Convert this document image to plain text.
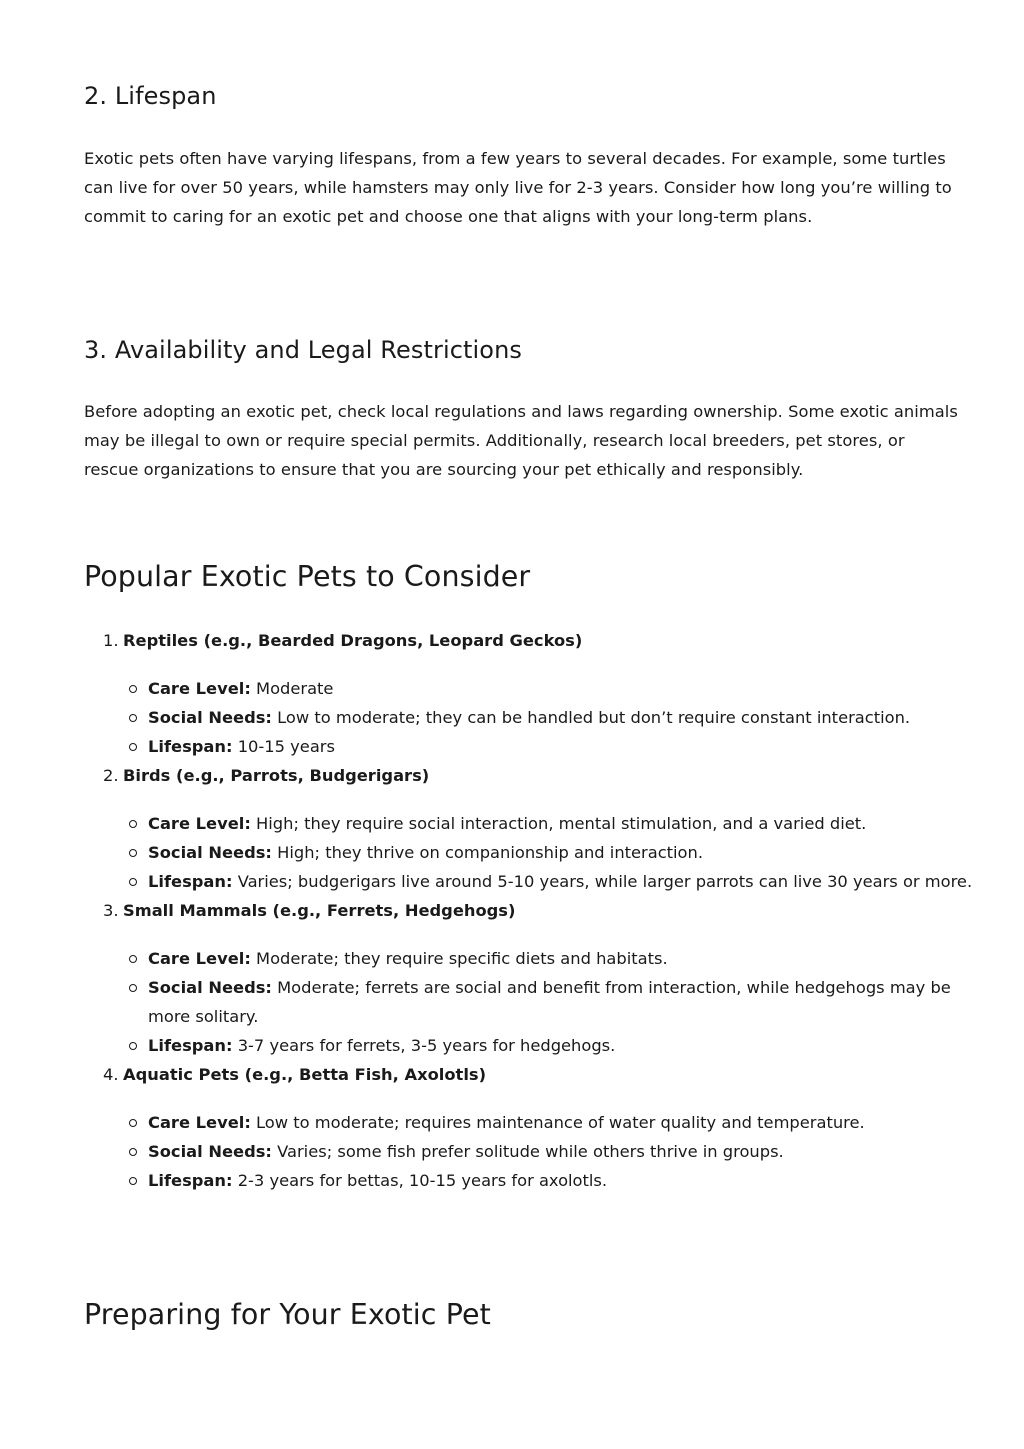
2. Lifespan

Exotic pets often have varying lifespans, from a few years to several decades. For example, some turtles can live for over 50 years, while hamsters may only live for 2-3 years. Consider how long you’re willing to commit to caring for an exotic pet and choose one that aligns with your long-term plans.

3. Availability and Legal Restrictions

Before adopting an exotic pet, check local regulations and laws regarding ownership. Some exotic animals may be illegal to own or require special permits. Additionally, research local breeders, pet stores, or rescue organizations to ensure that you are sourcing your pet ethically and responsibly.

Popular Exotic Pets to Consider
1. Reptiles (e.g., Bearded Dragons, Leopard Geckos)
Care Level: Moderate
Social Needs: Low to moderate; they can be handled but don’t require constant interaction.
Lifespan: 10-15 years
2. Birds (e.g., Parrots, Budgerigars)
Care Level: High; they require social interaction, mental stimulation, and a varied diet.
Social Needs: High; they thrive on companionship and interaction.
Lifespan: Varies; budgerigars live around 5-10 years, while larger parrots can live 30 years or more.
3. Small Mammals (e.g., Ferrets, Hedgehogs)
Care Level: Moderate; they require specific diets and habitats.
Social Needs: Moderate; ferrets are social and benefit from interaction, while hedgehogs may be more solitary.
Lifespan: 3-7 years for ferrets, 3-5 years for hedgehogs.
4. Aquatic Pets (e.g., Betta Fish, Axolotls)
Care Level: Low to moderate; requires maintenance of water quality and temperature.
Social Needs: Varies; some fish prefer solitude while others thrive in groups.
Lifespan: 2-3 years for bettas, 10-15 years for axolotls.
Preparing for Your Exotic Pet
